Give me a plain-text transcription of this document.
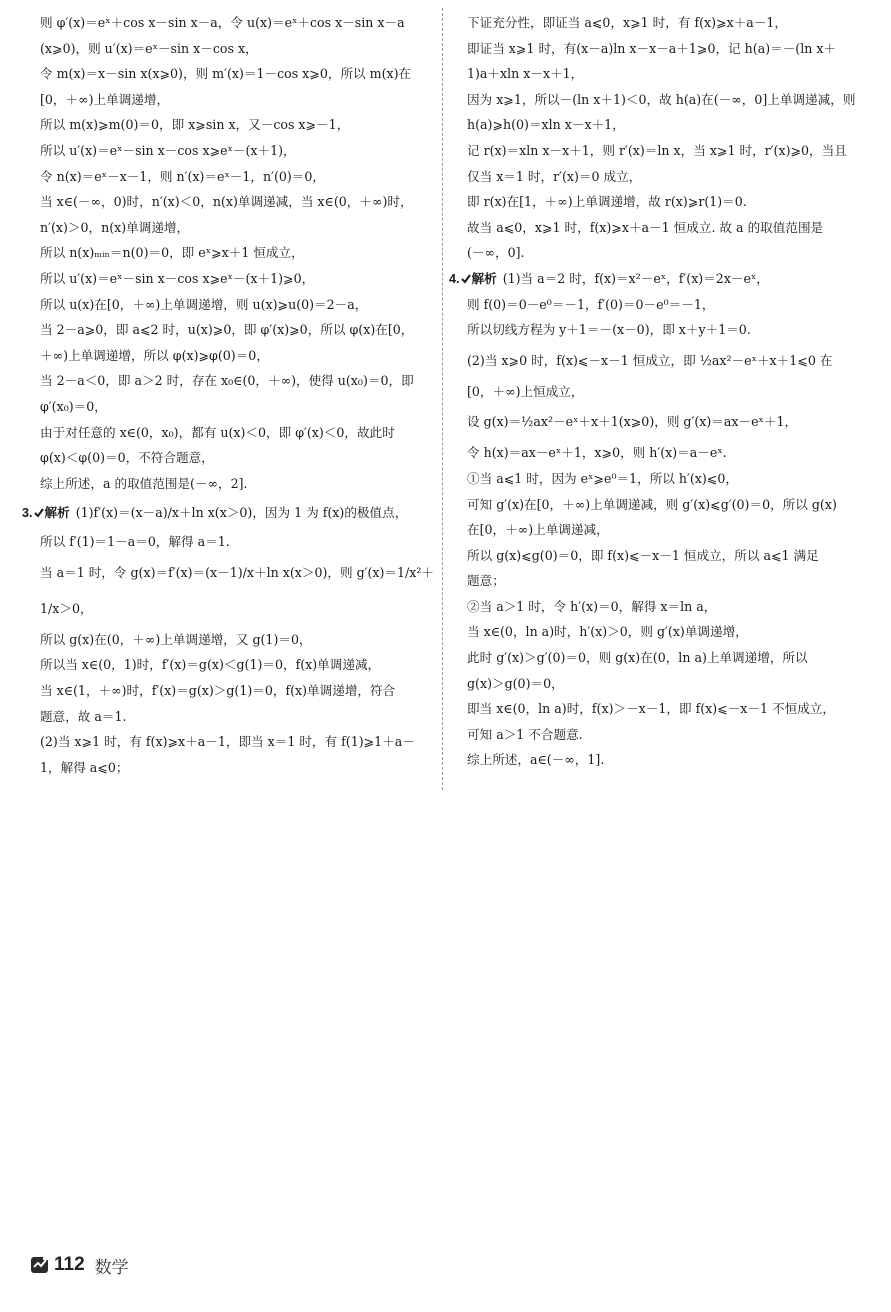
则 φ′(x)＝eˣ＋cos x－sin x－a，令 u(x)＝eˣ＋cos x－sin x－a
(x⩾0)，则 u′(x)＝eˣ－sin x－cos x，
令 m(x)＝x－sin x(x⩾0)，则 m′(x)＝1－cos x⩾0，所以 m(x)在
[0，＋∞)上单调递增，
所以 m(x)⩾m(0)＝0，即 x⩾sin x，又－cos x⩾－1，
所以 u′(x)＝eˣ－sin x－cos x⩾eˣ－(x＋1)，
令 n(x)＝eˣ－x－1，则 n′(x)＝eˣ－1，n′(0)＝0，
当 x∈(－∞，0)时，n′(x)＜0，n(x)单调递减，当 x∈(0，＋∞)时，
n′(x)＞0，n(x)单调递增，
所以 n(x)ₘᵢₙ＝n(0)＝0，即 eˣ⩾x＋1 恒成立，
所以 u′(x)＝eˣ－sin x－cos x⩾eˣ－(x＋1)⩾0，
所以 u(x)在[0，＋∞)上单调递增，则 u(x)⩾u(0)＝2－a，
当 2－a⩾0，即 a⩽2 时，u(x)⩾0，即 φ′(x)⩾0，所以 φ(x)在[0，
＋∞)上单调递增，所以 φ(x)⩾φ(0)＝0，
当 2－a＜0，即 a＞2 时，存在 x₀∈(0，＋∞)，使得 u(x₀)＝0，即
φ′(x₀)＝0，
由于对任意的 x∈(0，x₀)，都有 u(x)＜0，即 φ′(x)＜0，故此时
φ(x)＜φ(0)＝0，不符合题意，
综上所述，a 的取值范围是(－∞，2].
3. 解析 (1)f′(x)＝(x－a)/x＋ln x(x＞0)，因为 1 为 f(x)的极值点，
所以 f′(1)＝1－a＝0，解得 a＝1.
当 a＝1 时，令 g(x)＝f′(x)＝(x－1)/x＋ln x(x＞0)，则 g′(x)＝1/x²＋
1/x＞0，
所以 g(x)在(0，＋∞)上单调递增，又 g(1)＝0，
所以当 x∈(0，1)时，f′(x)＝g(x)＜g(1)＝0，f(x)单调递减，
当 x∈(1，＋∞)时，f′(x)＝g(x)＞g(1)＝0，f(x)单调递增，符合
题意，故 a＝1.
(2)当 x⩾1 时，有 f(x)⩾x＋a－1，即当 x＝1 时，有 f(1)⩾1＋a－
1，解得 a⩽0；
下证充分性，即证当 a⩽0，x⩾1 时，有 f(x)⩾x＋a－1，
即证当 x⩾1 时，有(x－a)ln x－x－a＋1⩾0，记 h(a)＝－(ln x＋
1)a＋xln x－x＋1，
因为 x⩾1，所以－(ln x＋1)＜0，故 h(a)在(－∞，0]上单调递减，则
h(a)⩾h(0)＝xln x－x＋1，
记 r(x)＝xln x－x＋1，则 r′(x)＝ln x，当 x⩾1 时，r′(x)⩾0，当且
仅当 x＝1 时，r′(x)＝0 成立，
即 r(x)在[1，＋∞)上单调递增，故 r(x)⩾r(1)＝0.
故当 a⩽0，x⩾1 时，f(x)⩾x＋a－1 恒成立. 故 a 的取值范围是
(－∞，0].
4. 解析 (1)当 a＝2 时，f(x)＝x²－eˣ，f′(x)＝2x－eˣ，
则 f(0)＝0－e⁰＝－1，f′(0)＝0－e⁰＝－1，
所以切线方程为 y＋1＝－(x－0)，即 x＋y＋1＝0.
(2)当 x⩾0 时，f(x)⩽－x－1 恒成立，即 ½ax²－eˣ＋x＋1⩽0 在
[0，＋∞)上恒成立，
设 g(x)＝½ax²－eˣ＋x＋1(x⩾0)，则 g′(x)＝ax－eˣ＋1，
令 h(x)＝ax－eˣ＋1，x⩾0，则 h′(x)＝a－eˣ.
①当 a⩽1 时，因为 eˣ⩾e⁰＝1，所以 h′(x)⩽0，
可知 g′(x)在[0，＋∞)上单调递减，则 g′(x)⩽g′(0)＝0，所以 g(x)
在[0，＋∞)上单调递减，
所以 g(x)⩽g(0)＝0，即 f(x)⩽－x－1 恒成立，所以 a⩽1 满足
题意；
②当 a＞1 时，令 h′(x)＝0，解得 x＝ln a，
当 x∈(0，ln a)时，h′(x)＞0，则 g′(x)单调递增，
此时 g′(x)＞g′(0)＝0，则 g(x)在(0，ln a)上单调递增，所以
g(x)＞g(0)＝0，
即当 x∈(0，ln a)时，f(x)＞－x－1，即 f(x)⩽－x－1 不恒成立，
可知 a＞1 不合题意.
综上所述，a∈(－∞，1].
112 数学
